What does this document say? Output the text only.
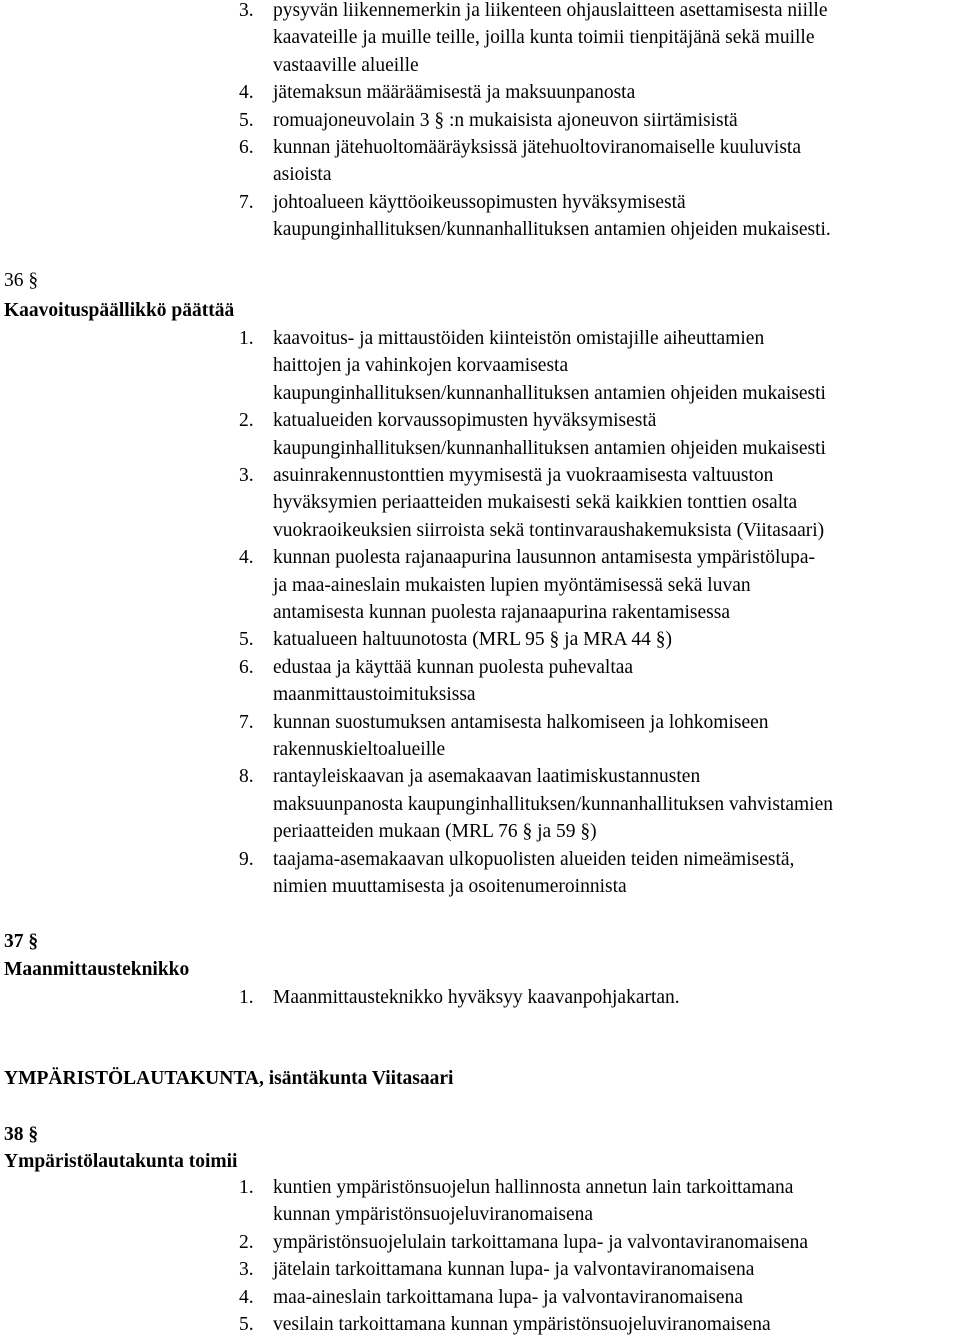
3. pysyvän liikennemerkin ja liikenteen ohjauslaitteen asettamisesta niille
kaavateille ja muille teille, joilla kunta toimii tienpitäjänä sekä muille
vastaaville alueille
4. jätemaksun määräämisestä ja maksuunpanosta
5. romuajoneuvolain 3 § :n mukaisista ajoneuvon siirtämisistä
6. kunnan jätehuoltomääräyksissä jätehuoltoviranomaiselle kuuluvista
asioista
7. johtoalueen käyttöoikeussopimusten hyväksymisestä
kaupunginhallituksen/kunnanhallituksen antamien ohjeiden mukaisesti.
36 §
Kaavoituspäällikkö päättää
1. kaavoitus- ja mittaustöiden kiinteistön omistajille aiheuttamien
haittojen ja vahinkojen korvaamisesta
kaupunginhallituksen/kunnanhallituksen antamien ohjeiden mukaisesti
2. katualueiden korvaussopimusten hyväksymisestä
kaupunginhallituksen/kunnanhallituksen antamien ohjeiden mukaisesti
3. asuinrakennustonttien myymisestä ja vuokraamisesta valtuuston
hyväksymien periaatteiden mukaisesti sekä kaikkien tonttien osalta
vuokraoikeuksien siirroista sekä tontinvaraushakemuksista (Viitasaari)
4. kunnan puolesta rajanaapurina lausunnon antamisesta ympäristölupa-
ja maa-aineslain mukaisten lupien myöntämisessä sekä luvan
antamisesta kunnan puolesta rajanaapurina rakentamisessa
5. katualueen haltuunotosta (MRL 95 § ja MRA 44 §)
6. edustaa ja käyttää kunnan puolesta puhevaltaa
maanmittaustoimituksissa
7. kunnan suostumuksen antamisesta halkomiseen ja lohkomiseen
rakennuskieltoalueille
8. rantayleiskaavan ja asemakaavan laatimiskustannusten
maksuunpanosta kaupunginhallituksen/kunnanhallituksen vahvistamien
periaatteiden mukaan (MRL 76 § ja 59 §)
9. taajama-asemakaavan ulkopuolisten alueiden teiden nimeämisestä,
nimien muuttamisesta ja osoitenumeroinnista
37 §
Maanmittausteknikko
1. Maanmittausteknikko hyväksyy kaavanpohjakartan.
YMPÄRISTÖLAUTAKUNTA, isäntäkunta Viitasaari
38 §
Ympäristölautakunta toimii
1. kuntien ympäristönsuojelun hallinnosta annetun lain tarkoittamana
kunnan ympäristönsuojeluviranomaisena
2. ympäristönsuojelulain tarkoittamana lupa- ja valvontaviranomaisena
3. jätelain tarkoittamana kunnan lupa- ja valvontaviranomaisena
4. maa-aineslain tarkoittamana lupa- ja valvontaviranomaisena
5. vesilain tarkoittamana kunnan ympäristönsuojeluviranomaisena
